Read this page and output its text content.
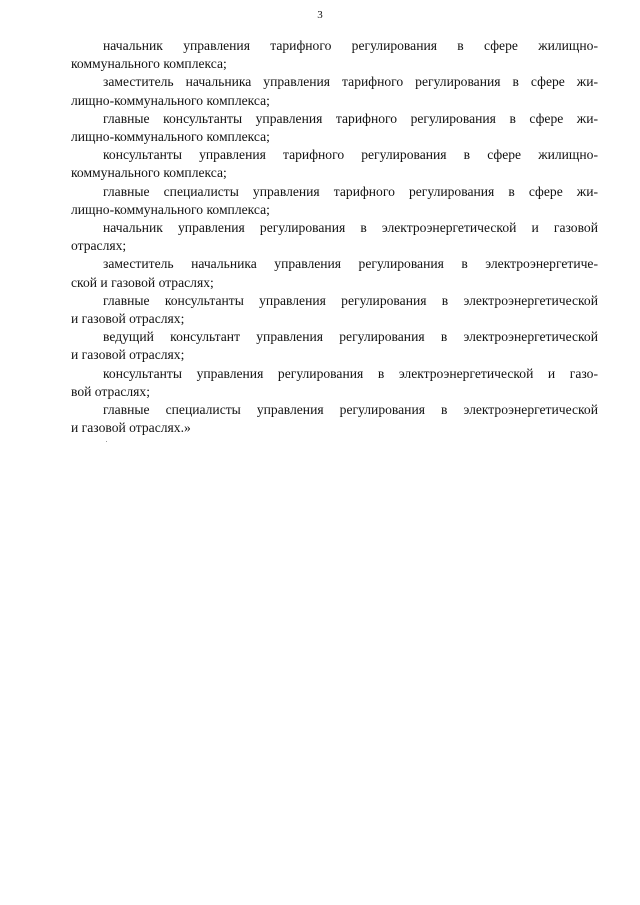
3

начальник управления тарифного регулирования в сфере жилищно-
коммунального комплекса;
заместитель начальника управления тарифного регулирования в сфере жи-
лищно-коммунального комплекса;
главные консультанты управления тарифного регулирования в сфере жи-
лищно-коммунального комплекса;
консультанты управления тарифного регулирования в сфере жилищно-
коммунального комплекса;
главные специалисты управления тарифного регулирования в сфере жи-
лищно-коммунального комплекса;
начальник управления регулирования в электроэнергетической и газовой
отраслях;
заместитель начальника управления регулирования в электроэнергетиче-
ской и газовой отраслях;
главные консультанты управления регулирования в электроэнергетической
и газовой отраслях;
ведущий консультант управления регулирования в электроэнергетической
и газовой отраслях;
консультанты управления регулирования в электроэнергетической и газо-
вой отраслях;
главные специалисты управления регулирования в электроэнергетической
и газовой отраслях.»
